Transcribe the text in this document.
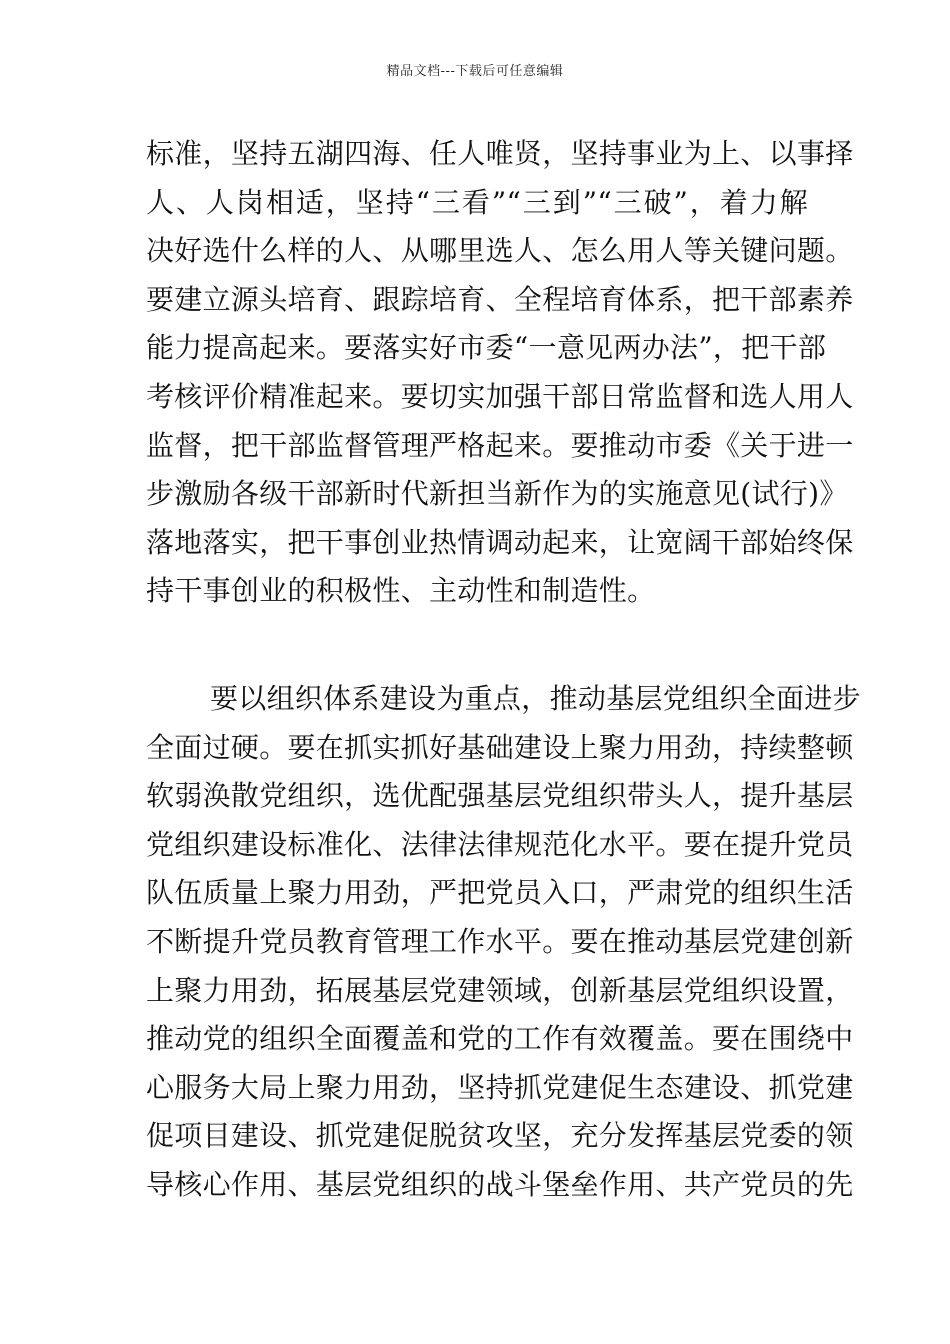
精品文档---下载后可任意编辑
标准，坚持五湖四海、任人唯贤，坚持事业为上、以事择
人、人岗相适，坚持“三看”“三到”“三破”，着力解
决好选什么样的人、从哪里选人、怎么用人等关键问题。
要建立源头培育、跟踪培育、全程培育体系，把干部素养
能力提高起来。要落实好市委“一意见两办法”，把干部
考核评价精准起来。要切实加强干部日常监督和选人用人
监督，把干部监督管理严格起来。要推动市委《关于进一
步激励各级干部新时代新担当新作为的实施意见(试行)》
落地落实，把干事创业热情调动起来，让宽阔干部始终保
持干事创业的积极性、主动性和制造性。
要以组织体系建设为重点，推动基层党组织全面进步
全面过硬。要在抓实抓好基础建设上聚力用劲，持续整顿
软弱涣散党组织，选优配强基层党组织带头人，提升基层
党组织建设标准化、法律法律规范化水平。要在提升党员
队伍质量上聚力用劲，严把党员入口，严肃党的组织生活
不断提升党员教育管理工作水平。要在推动基层党建创新
上聚力用劲，拓展基层党建领域，创新基层党组织设置，
推动党的组织全面覆盖和党的工作有效覆盖。要在围绕中
心服务大局上聚力用劲，坚持抓党建促生态建设、抓党建
促项目建设、抓党建促脱贫攻坚，充分发挥基层党委的领
导核心作用、基层党组织的战斗堡垒作用、共产党员的先
